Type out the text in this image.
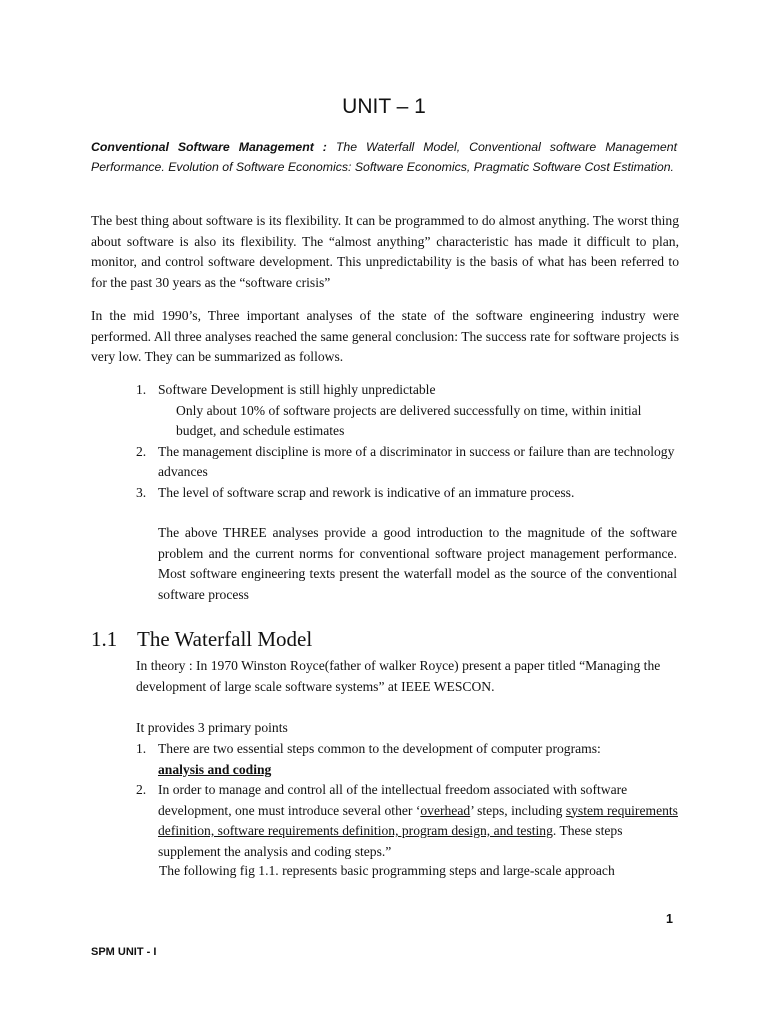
UNIT – 1
Conventional Software Management : The Waterfall Model, Conventional software Management Performance. Evolution of Software Economics: Software Economics, Pragmatic Software Cost Estimation.
The best thing about software is its flexibility. It can be programmed to do almost anything. The worst thing about software is also its flexibility. The “almost anything” characteristic has made it difficult to plan, monitor, and control software development. This unpredictability is the basis of what has been referred to for the past 30 years as the “software crisis”
In the mid 1990’s, Three important analyses of the state of the software engineering industry were performed. All three analyses reached the same general conclusion: The success rate for software projects is very low. They can be summarized as follows.
1. Software Development is still highly unpredictable
Only about 10% of software projects are delivered successfully on time, within initial budget, and schedule estimates
2. The management discipline is more of a discriminator in success or failure than are technology advances
3. The level of software scrap and rework is indicative of an immature process.
The above THREE analyses provide a good introduction to the magnitude of the software problem and the current norms for conventional software project management performance. Most software engineering texts present the waterfall model as the source of the conventional software process
1.1 The Waterfall Model
In theory : In 1970 Winston Royce(father of walker Royce) present a paper titled “Managing the development of large scale software systems” at IEEE WESCON.
It provides 3 primary points
1. There are two essential steps common to the development of computer programs:
analysis and coding
2. In order to manage and control all of the intellectual freedom associated with software development, one must introduce several other ‘overhead’ steps, including system requirements definition, software requirements definition, program design, and testing. These steps supplement the analysis and coding steps.”
The following fig 1.1. represents basic programming steps and large-scale approach
1
SPM UNIT - I
